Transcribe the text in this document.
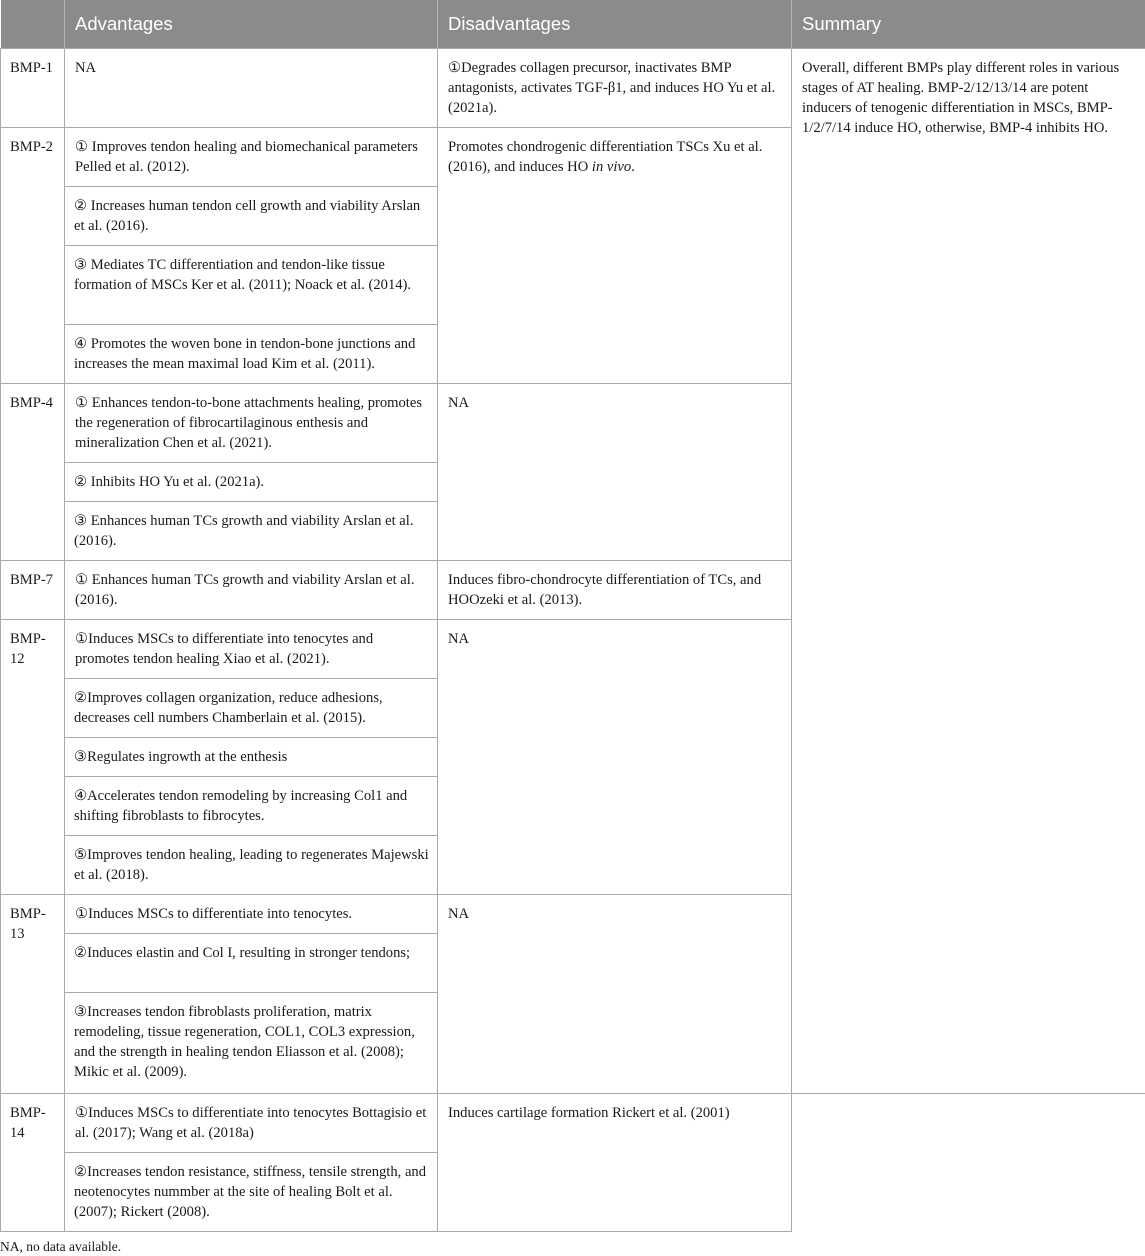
	Advantages	Disadvantages	Summary
BMP-1	NA	①Degrades collagen precursor, inactivates BMP antagonists, activates TGF-β1, and induces HO Yu et al. (2021a).	Overall, different BMPs play different roles in various stages of AT healing. BMP-2/12/13/14 are potent inducers of tenogenic differentiation in MSCs, BMP-1/2/7/14 induce HO, otherwise, BMP-4 inhibits HO.
BMP-2	① Improves tendon healing and biomechanical parameters Pelled et al. (2012).	Promotes chondrogenic differentiation TSCs Xu et al. (2016), and induces HO in vivo.	
	② Increases human tendon cell growth and viability Arslan et al. (2016).		
	③ Mediates TC differentiation and tendon-like tissue formation of MSCs Ker et al. (2011); Noack et al. (2014).		
	④ Promotes the woven bone in tendon-bone junctions and increases the mean maximal load Kim et al. (2011).		
BMP-4	① Enhances tendon-to-bone attachments healing, promotes the regeneration of fibrocartilaginous enthesis and mineralization Chen et al. (2021).	NA	
	② Inhibits HO Yu et al. (2021a).		
	③ Enhances human TCs growth and viability Arslan et al. (2016).		
BMP-7	① Enhances human TCs growth and viability Arslan et al. (2016).	Induces fibro-chondrocyte differentiation of TCs, and HOOzeki et al. (2013).	
BMP-12	①Induces MSCs to differentiate into tenocytes and promotes tendon healing Xiao et al. (2021).	NA	
	②Improves collagen organization, reduce adhesions, decreases cell numbers Chamberlain et al. (2015).		
	③Regulates ingrowth at the enthesis		
	④Accelerates tendon remodeling by increasing Col1 and shifting fibroblasts to fibrocytes.		
	⑤Improves tendon healing, leading to regenerates Majewski et al. (2018).		
BMP-13	①Induces MSCs to differentiate into tenocytes.	NA	
	②Induces elastin and Col I, resulting in stronger tendons;		
	③Increases tendon fibroblasts proliferation, matrix remodeling, tissue regeneration, COL1, COL3 expression, and the strength in healing tendon Eliasson et al. (2008); Mikic et al. (2009).		
BMP-14	①Induces MSCs to differentiate into tenocytes Bottagisio et al. (2017); Wang et al. (2018a)	Induces cartilage formation Rickert et al. (2001)	
	②Increases tendon resistance, stiffness, tensile strength, and neotenocytes nummber at the site of healing Bolt et al. (2007); Rickert (2008).		
NA, no data available.
